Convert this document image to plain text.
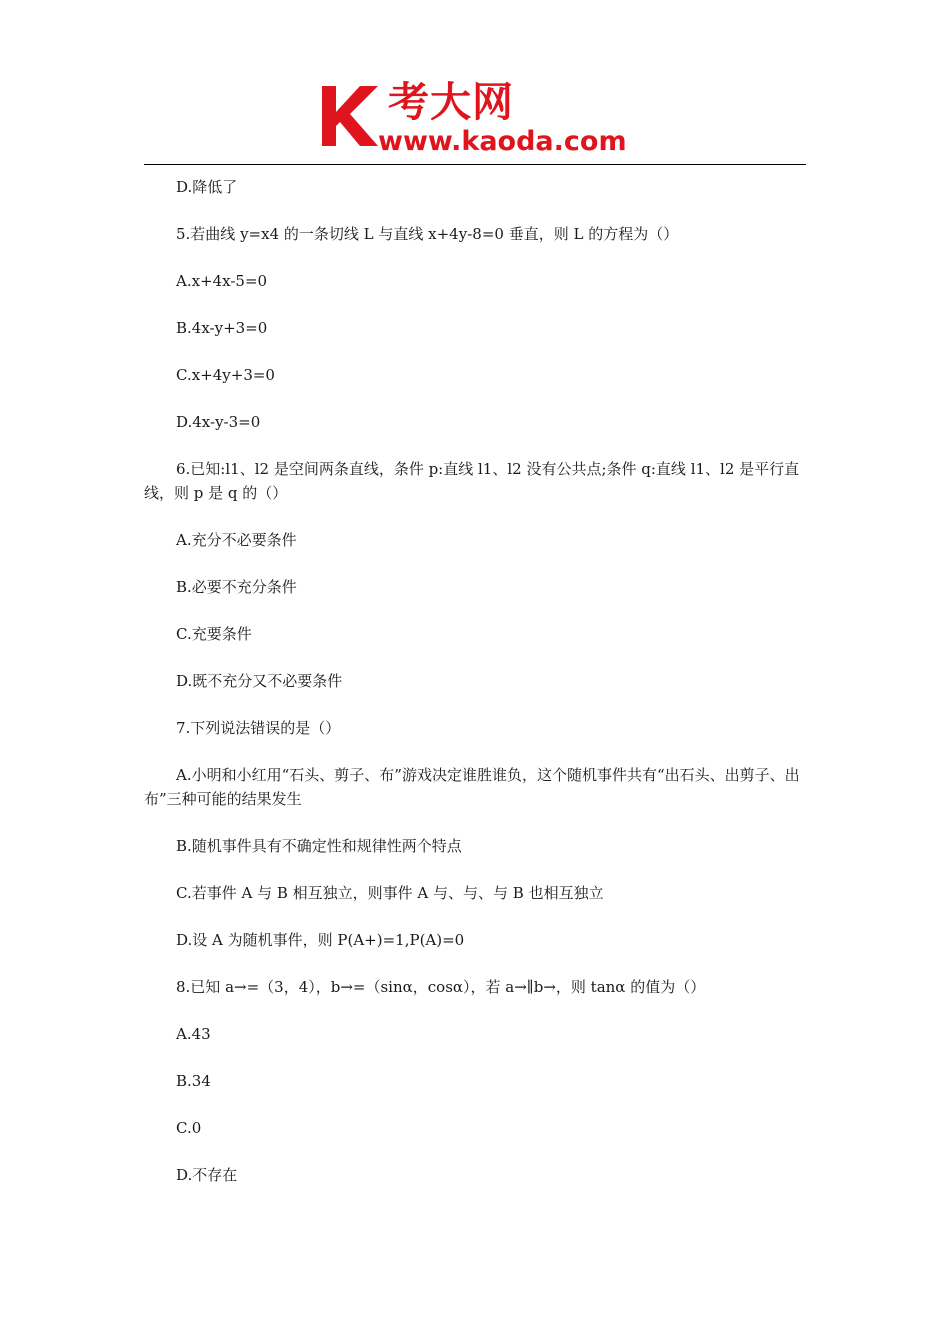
考大网
www.kaoda.com

D.降低了

5.若曲线 y=x4 的一条切线 L 与直线 x+4y-8=0 垂直，则 L 的方程为（）

A.x+4x-5=0

B.4x-y+3=0

C.x+4y+3=0

D.4x-y-3=0

6.已知:l1、l2 是空间两条直线，条件 p:直线 l1、l2 没有公共点;条件 q:直线 l1、l2 是平行直线，则 p 是 q 的（）

A.充分不必要条件

B.必要不充分条件

C.充要条件

D.既不充分又不必要条件

7.下列说法错误的是（）

A.小明和小红用“石头、剪子、布”游戏决定谁胜谁负，这个随机事件共有“出石头、出剪子、出布”三种可能的结果发生

B.随机事件具有不确定性和规律性两个特点

C.若事件 A 与 B 相互独立，则事件 A 与、与、与 B 也相互独立

D.设 A 为随机事件，则 P(A+)=1,P(A)=0

8.已知 a→=（3，4），b→=（sinα，cosα），若 a→∥b→，则 tanα 的值为（）

A.43

B.34

C.0

D.不存在
